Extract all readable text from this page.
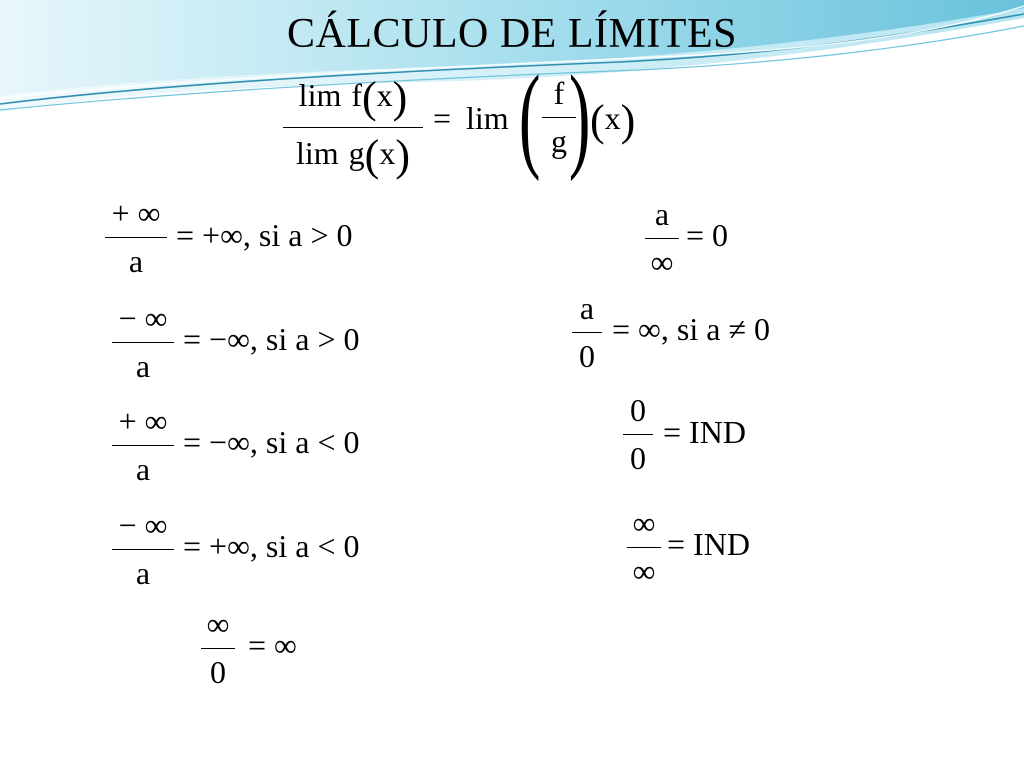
CÁLCULO DE LÍMITES
lim f(x)
lim g(x)
= lim ( f
g ) (x)
+ ∞
a
= +∞, si a > 0
− ∞
a
= −∞, si a > 0
+ ∞
a
= −∞, si a < 0
− ∞
a
= +∞, si a < 0
∞
0
= ∞
a
∞
= 0
a
0
= ∞, si a ≠ 0
0
0
= IND
∞
∞
= IND
